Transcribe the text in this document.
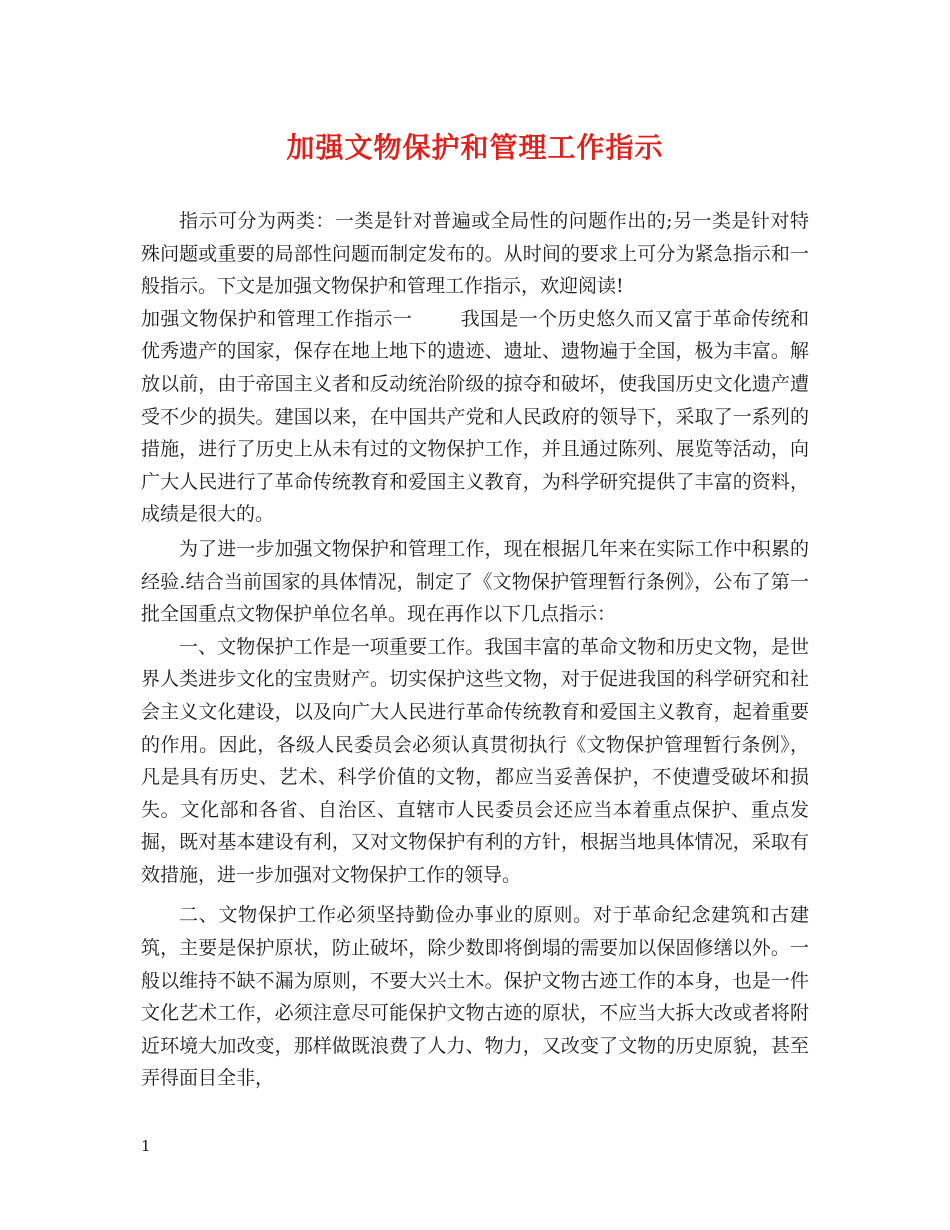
加强文物保护和管理工作指示

指示可分为两类：一类是针对普遍或全局性的问题作出的;另一类是针对特殊问题或重要的局部性问题而制定发布的。从时间的要求上可分为紧急指示和一般指示。下文是加强文物保护和管理工作指示，欢迎阅读!

加强文物保护和管理工作指示一	我国是一个历史悠久而又富于革命传统和优秀遗产的国家，保存在地上地下的遗迹、遗址、遗物遍于全国，极为丰富。解放以前，由于帝国主义者和反动统治阶级的掠夺和破坏，使我国历史文化遗产遭受不少的损失。建国以来，在中国共产党和人民政府的领导下，采取了一系列的措施，进行了历史上从未有过的文物保护工作，并且通过陈列、展览等活动，向广大人民进行了革命传统教育和爱国主义教育，为科学研究提供了丰富的资料，成绩是很大的。

为了进一步加强文物保护和管理工作，现在根据几年来在实际工作中积累的经验.结合当前国家的具体情况，制定了《文物保护管理暂行条例》，公布了第一批全国重点文物保护单位名单。现在再作以下几点指示：

一、文物保护工作是一项重要工作。我国丰富的革命文物和历史文物，是世界人类进步文化的宝贵财产。切实保护这些文物，对于促进我国的科学研究和社会主义文化建设，以及向广大人民进行革命传统教育和爱国主义教育，起着重要的作用。因此，各级人民委员会必须认真贯彻执行《文物保护管理暂行条例》，凡是具有历史、艺术、科学价值的文物，都应当妥善保护，不使遭受破坏和损失。文化部和各省、自治区、直辖市人民委员会还应当本着重点保护、重点发掘，既对基本建设有利，又对文物保护有利的方针，根据当地具体情况，采取有效措施，进一步加强对文物保护工作的领导。

二、文物保护工作必须坚持勤俭办事业的原则。对于革命纪念建筑和古建筑，主要是保护原状，防止破坏，除少数即将倒塌的需要加以保固修缮以外。一般以维持不缺不漏为原则，不要大兴土木。保护文物古迹工作的本身，也是一件文化艺术工作，必须注意尽可能保护文物古迹的原状，不应当大拆大改或者将附近环境大加改变，那样做既浪费了人力、物力，又改变了文物的历史原貌，甚至弄得面目全非，

1
